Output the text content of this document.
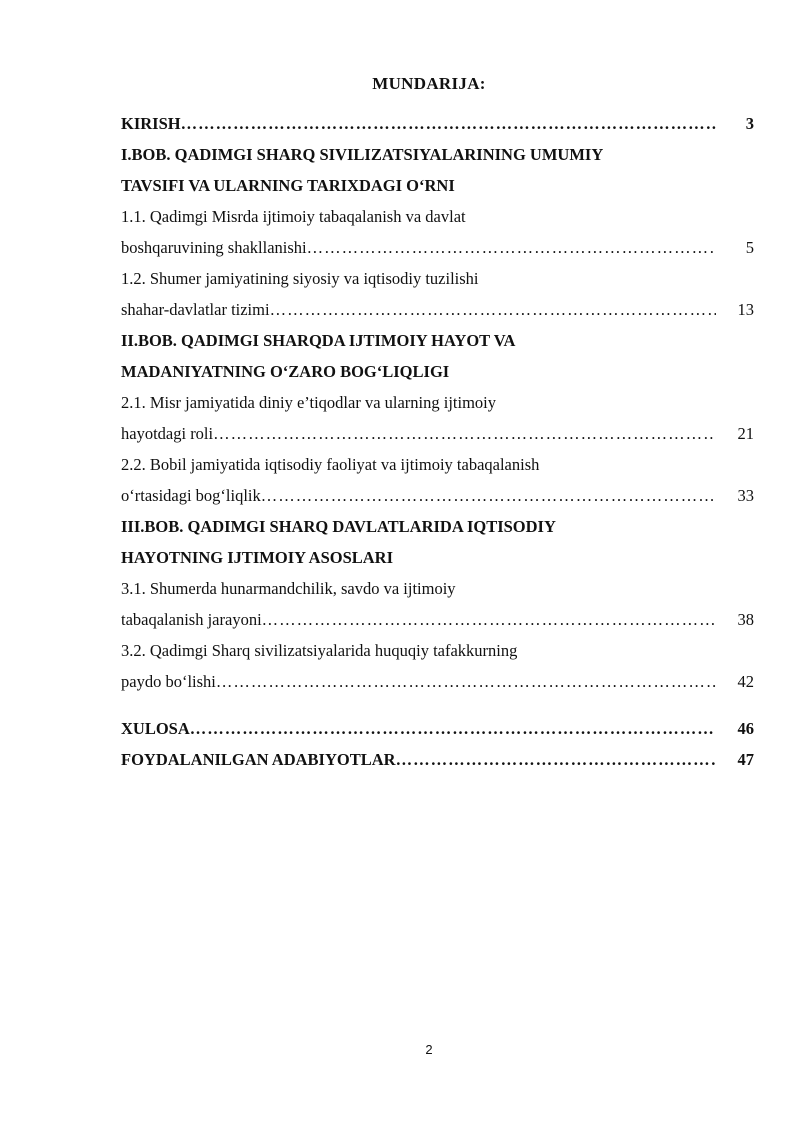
MUNDARIJA:
KIRISH ……………………………………………………………………………………………………………………………………………………………………………………	3
I.BOB. QADIMGI SHARQ SIVILIZATSIYALARINING UMUMIY
TAVSIFI VA ULARNING TARIXDAGI O‘RNI
1.1. Qadimgi Misrda ijtimoiy tabaqalanish va davlat
boshqaruvining shakllanishi ……………………………………………………………………………………………………………………………………………………………………………………	5
1.2. Shumer jamiyatining siyosiy va iqtisodiy tuzilishi
shahar-davlatlar tizimi ……………………………………………………………………………………………………………………………………………………………………………………	13
II.BOB. QADIMGI SHARQDA IJTIMOIY HAYOT VA
MADANIYATNING O‘ZARO BOG‘LIQLIGI
2.1. Misr jamiyatida diniy e’tiqodlar va ularning ijtimoiy
hayotdagi roli ……………………………………………………………………………………………………………………………………………………………………………………	21
2.2. Bobil jamiyatida iqtisodiy faoliyat va ijtimoiy tabaqalanish
o‘rtasidagi bog‘liqlik ……………………………………………………………………………………………………………………………………………………………………………………	33
III.BOB. QADIMGI SHARQ DAVLATLARIDA IQTISODIY
HAYOTNING IJTIMOIY ASOSLARI
3.1. Shumerda hunarmandchilik, savdo va ijtimoiy
tabaqalanish jarayoni ……………………………………………………………………………………………………………………………………………………………………………………	38
3.2. Qadimgi Sharq sivilizatsiyalarida huquqiy tafakkurning
paydo bo‘lishi ……………………………………………………………………………………………………………………………………………………………………………………	42
XULOSA ……………………………………………………………………………………………………………………………………………………………………………………	46
FOYDALANILGAN ADABIYOTLAR ……………………………………………………………………………………………………………………………………………………………………………………	47
2
